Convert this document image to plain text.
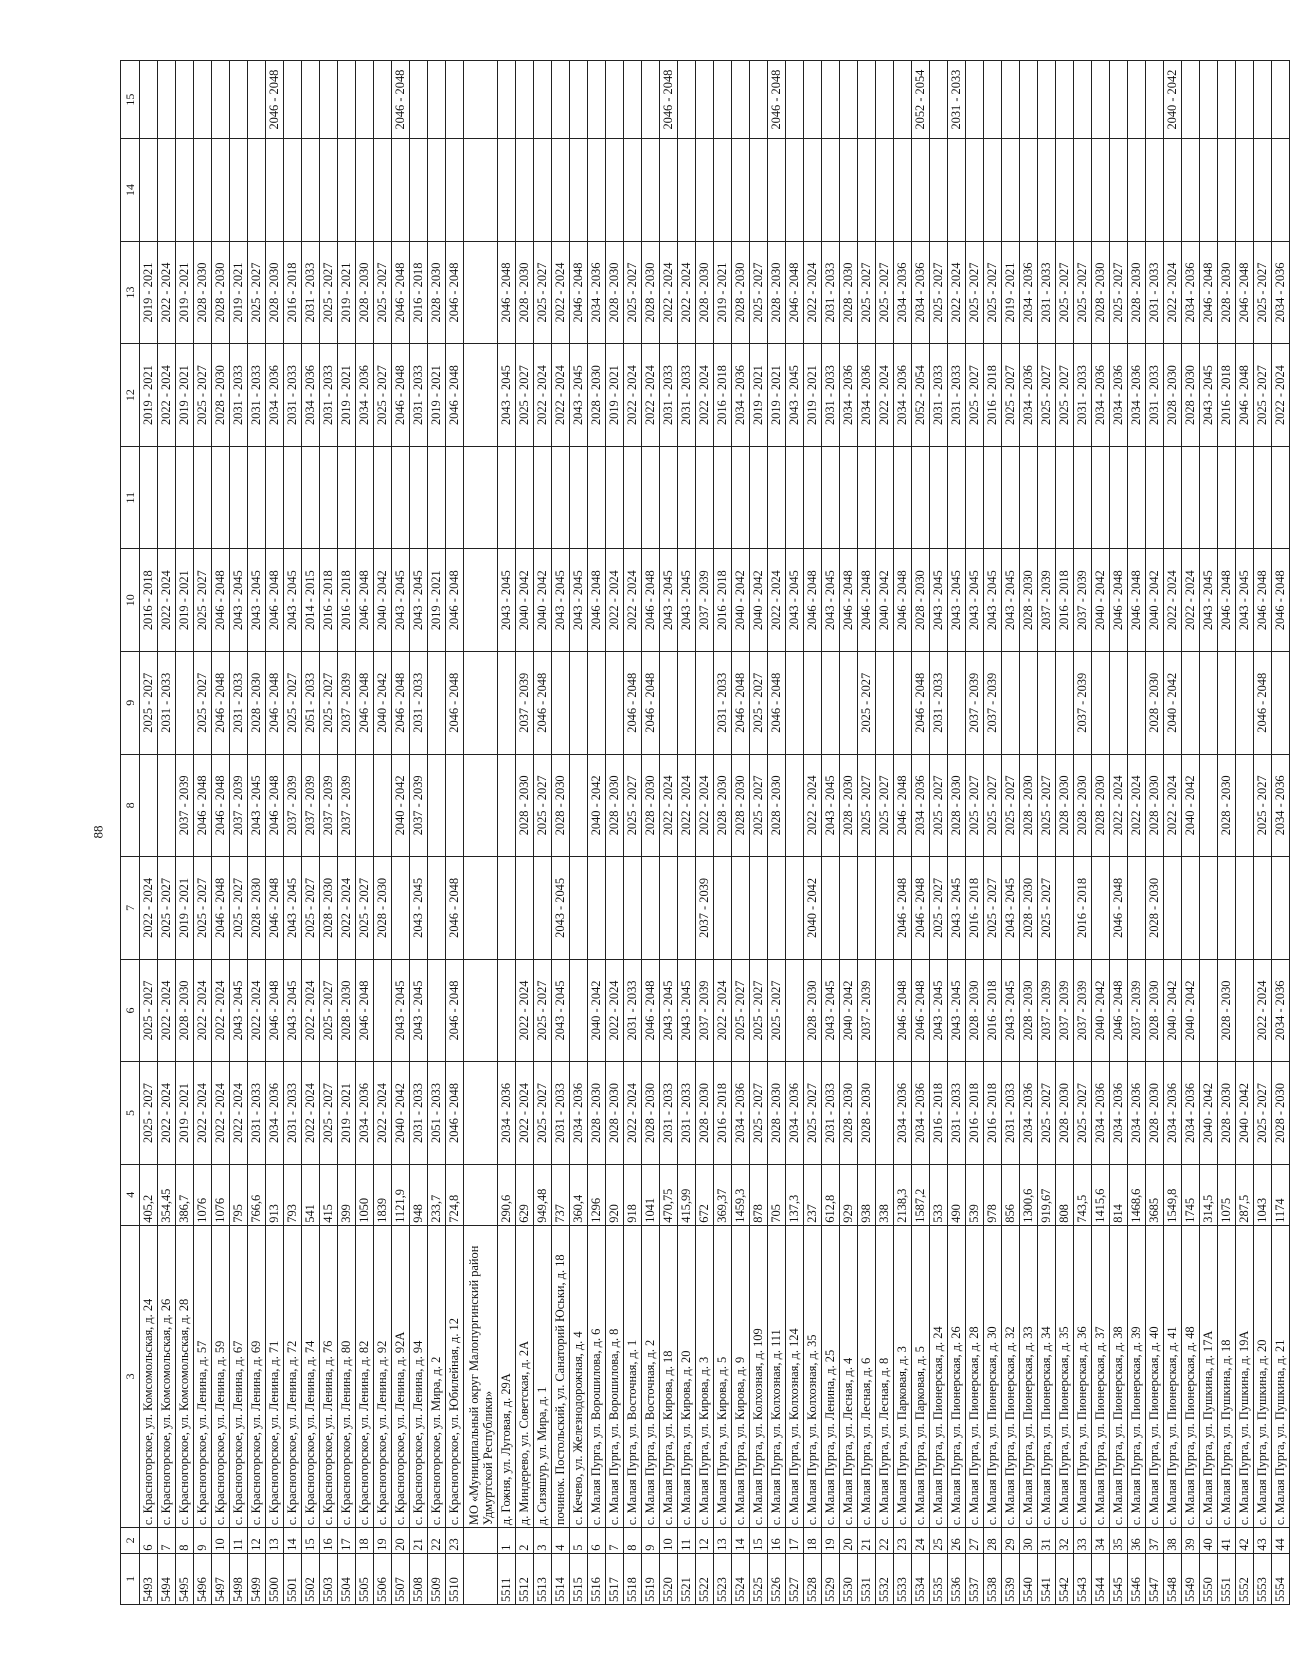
88
1	2	3	4	5	6	7	8	9	10	11	12	13	14	15
5493	6	с. Красногорское, ул. Комсомольская, д. 24	405,2	2025 - 2027	2025 - 2027	2022 - 2024		2025 - 2027	2016 - 2018		2019 - 2021	2019 - 2021		
5494	7	с. Красногорское, ул. Комсомольская, д. 26	354,45	2022 - 2024	2022 - 2024	2025 - 2027		2031 - 2033	2022 - 2024		2022 - 2024	2022 - 2024		
5495	8	с. Красногорское, ул. Комсомольская, д. 28	386,7	2019 - 2021	2028 - 2030	2019 - 2021	2037 - 2039		2019 - 2021		2019 - 2021	2019 - 2021		
5496	9	с. Красногорское, ул. Ленина, д. 57	1076	2022 - 2024	2022 - 2024	2025 - 2027	2046 - 2048	2025 - 2027	2025 - 2027		2025 - 2027	2028 - 2030		
5497	10	с. Красногорское, ул. Ленина, д. 59	1076	2022 - 2024	2022 - 2024	2046 - 2048	2046 - 2048	2046 - 2048	2046 - 2048		2028 - 2030	2028 - 2030		
5498	11	с. Красногорское, ул. Ленина, д. 67	795	2022 - 2024	2043 - 2045	2025 - 2027	2037 - 2039	2031 - 2033	2043 - 2045		2031 - 2033	2019 - 2021		
5499	12	с. Красногорское, ул. Ленина, д. 69	766,6	2031 - 2033	2022 - 2024	2028 - 2030	2043 - 2045	2028 - 2030	2043 - 2045		2031 - 2033	2025 - 2027		
5500	13	с. Красногорское, ул. Ленина, д. 71	913	2034 - 2036	2046 - 2048	2046 - 2048	2046 - 2048	2046 - 2048	2046 - 2048		2034 - 2036	2028 - 2030		2046 - 2048
5501	14	с. Красногорское, ул. Ленина, д. 72	793	2031 - 2033	2043 - 2045	2043 - 2045	2037 - 2039	2025 - 2027	2043 - 2045		2031 - 2033	2016 - 2018		
5502	15	с. Красногорское, ул. Ленина, д. 74	541	2022 - 2024	2022 - 2024	2025 - 2027	2037 - 2039	2051 - 2033	2014 - 2015		2034 - 2036	2031 - 2033		
5503	16	с. Красногорское, ул. Ленина, д. 76	415	2025 - 2027	2025 - 2027	2028 - 2030	2037 - 2039	2025 - 2027	2016 - 2018		2031 - 2033	2025 - 2027		
5504	17	с. Красногорское, ул. Ленина, д. 80	399	2019 - 2021	2028 - 2030	2022 - 2024	2037 - 2039	2037 - 2039	2016 - 2018		2019 - 2021	2019 - 2021		
5505	18	с. Красногорское, ул. Ленина, д. 82	1050	2034 - 2036	2046 - 2048	2025 - 2027		2046 - 2048	2046 - 2048		2034 - 2036	2028 - 2030		
5506	19	с. Красногорское, ул. Ленина, д. 92	1839	2022 - 2024		2028 - 2030		2040 - 2042	2040 - 2042		2025 - 2027	2025 - 2027		
5507	20	с. Красногорское, ул. Ленина, д. 92А	1121,9	2040 - 2042	2043 - 2045		2040 - 2042	2046 - 2048	2043 - 2045		2046 - 2048	2046 - 2048		2046 - 2048
5508	21	с. Красногорское, ул. Ленина, д. 94	948	2031 - 2033	2043 - 2045	2043 - 2045	2037 - 2039	2031 - 2033	2043 - 2045		2031 - 2033	2016 - 2018		
5509	22	с. Красногорское, ул. Мира, д. 2	233,7	2051 - 2033					2019 - 2021		2019 - 2021	2028 - 2030		
5510	23	с. Красногорское, ул. Юбилейная, д. 12	724,8	2046 - 2048	2046 - 2048	2046 - 2048		2046 - 2048	2046 - 2048		2046 - 2048	2046 - 2048		
		МО «Муниципальный округ Малопургинский район Удмуртской Республики»												
5511	1	д. Гожня, ул. Луговая, д. 29А	290,6	2034 - 2036					2043 - 2045		2043 - 2045	2046 - 2048		
5512	2	д. Миндерево, ул. Советская, д. 2А	629	2022 - 2024	2022 - 2024		2028 - 2030	2037 - 2039	2040 - 2042		2025 - 2027	2028 - 2030		
5513	3	д. Сизяшур, ул. Мира, д. 1	949,48	2025 - 2027	2025 - 2027		2025 - 2027	2046 - 2048	2040 - 2042		2022 - 2024	2025 - 2027		
5514	4	починок. Постольский, ул. Санаторий Юськи, д. 18	737	2031 - 2033	2043 - 2045	2043 - 2045	2028 - 2030		2043 - 2045		2022 - 2024	2022 - 2024		
5515	5	с. Кечево, ул. Железнодорожная, д. 4	360,4	2034 - 2036					2043 - 2045		2043 - 2045	2046 - 2048		
5516	6	с. Малая Пурга, ул. Ворошилова, д. 6	1296	2028 - 2030	2040 - 2042		2040 - 2042		2046 - 2048		2028 - 2030	2034 - 2036		
5517	7	с. Малая Пурга, ул. Ворошилова, д. 8	920	2028 - 2030	2022 - 2024		2028 - 2030		2022 - 2024		2019 - 2021	2028 - 2030		
5518	8	с. Малая Пурга, ул. Восточная, д. 1	918	2022 - 2024	2031 - 2033		2025 - 2027	2046 - 2048	2022 - 2024		2022 - 2024	2025 - 2027		
5519	9	с. Малая Пурга, ул. Восточная, д. 2	1041	2028 - 2030	2046 - 2048		2028 - 2030	2046 - 2048	2046 - 2048		2022 - 2024	2028 - 2030		
5520	10	с. Малая Пурга, ул. Кирова, д. 18	470,75	2031 - 2033	2043 - 2045		2022 - 2024		2043 - 2045		2031 - 2033	2022 - 2024		2046 - 2048
5521	11	с. Малая Пурга, ул. Кирова, д. 20	415,99	2031 - 2033	2043 - 2045		2022 - 2024		2043 - 2045		2031 - 2033	2022 - 2024		
5522	12	с. Малая Пурга, ул. Кирова, д. 3	672	2028 - 2030	2037 - 2039	2037 - 2039	2022 - 2024		2037 - 2039		2022 - 2024	2028 - 2030		
5523	13	с. Малая Пурга, ул. Кирова, д. 5	369,37	2016 - 2018	2022 - 2024		2028 - 2030	2031 - 2033	2016 - 2018		2016 - 2018	2019 - 2021		
5524	14	с. Малая Пурга, ул. Кирова, д. 9	1459,3	2034 - 2036	2025 - 2027		2028 - 2030	2046 - 2048	2040 - 2042		2034 - 2036	2028 - 2030		
5525	15	с. Малая Пурга, ул. Колхозная, д. 109	878	2025 - 2027	2025 - 2027		2025 - 2027	2025 - 2027	2040 - 2042		2019 - 2021	2025 - 2027		
5526	16	с. Малая Пурга, ул. Колхозная, д. 111	705	2028 - 2030	2025 - 2027		2028 - 2030	2046 - 2048	2022 - 2024		2019 - 2021	2028 - 2030		2046 - 2048
5527	17	с. Малая Пурга, ул. Колхозная, д. 124	137,3	2034 - 2036					2043 - 2045		2043 - 2045	2046 - 2048		
5528	18	с. Малая Пурга, ул. Колхозная, д. 35	237	2025 - 2027	2028 - 2030	2040 - 2042	2022 - 2024		2046 - 2048		2019 - 2021	2022 - 2024		
5529	19	с. Малая Пурга, ул. Ленина, д. 25	612,8	2031 - 2033	2043 - 2045		2043 - 2045		2043 - 2045		2031 - 2033	2031 - 2033		
5530	20	с. Малая Пурга, ул. Лесная, д. 4	929	2028 - 2030	2040 - 2042		2028 - 2030		2046 - 2048		2034 - 2036	2028 - 2030		
5531	21	с. Малая Пурга, ул. Лесная, д. 6	938	2028 - 2030	2037 - 2039		2025 - 2027	2025 - 2027	2046 - 2048		2034 - 2036	2025 - 2027		
5532	22	с. Малая Пурга, ул. Лесная, д. 8	338				2025 - 2027		2040 - 2042		2022 - 2024	2025 - 2027		
5533	23	с. Малая Пурга, ул. Парковая, д. 3	2138,3	2034 - 2036	2046 - 2048	2046 - 2048	2046 - 2048		2046 - 2048		2034 - 2036	2034 - 2036		
5534	24	с. Малая Пурга, ул. Парковая, д. 5	1587,2	2034 - 2036	2046 - 2048	2046 - 2048	2034 - 2036	2046 - 2048	2028 - 2030		2052 - 2054	2034 - 2036		2052 - 2054
5535	25	с. Малая Пурга, ул. Пионерская, д. 24	533	2016 - 2018	2043 - 2045	2025 - 2027	2025 - 2027	2031 - 2033	2043 - 2045		2031 - 2033	2025 - 2027		
5536	26	с. Малая Пурга, ул. Пионерская, д. 26	490	2031 - 2033	2043 - 2045	2043 - 2045	2028 - 2030		2043 - 2045		2031 - 2033	2022 - 2024		2031 - 2033
5537	27	с. Малая Пурга, ул. Пионерская, д. 28	539	2016 - 2018	2028 - 2030	2016 - 2018	2025 - 2027	2037 - 2039	2043 - 2045		2025 - 2027	2025 - 2027		
5538	28	с. Малая Пурга, ул. Пионерская, д. 30	978	2016 - 2018	2016 - 2018	2025 - 2027	2025 - 2027	2037 - 2039	2043 - 2045		2016 - 2018	2025 - 2027		
5539	29	с. Малая Пурга, ул. Пионерская, д. 32	856	2031 - 2033	2043 - 2045	2043 - 2045	2025 - 2027		2043 - 2045		2025 - 2027	2019 - 2021		
5540	30	с. Малая Пурга, ул. Пионерская, д. 33	1300,6	2034 - 2036	2028 - 2030	2028 - 2030	2028 - 2030		2028 - 2030		2034 - 2036	2034 - 2036		
5541	31	с. Малая Пурга, ул. Пионерская, д. 34	919,67	2025 - 2027	2037 - 2039	2025 - 2027	2025 - 2027		2037 - 2039		2025 - 2027	2031 - 2033		
5542	32	с. Малая Пурга, ул. Пионерская, д. 35	808	2028 - 2030	2037 - 2039		2028 - 2030		2016 - 2018		2025 - 2027	2025 - 2027		
5543	33	с. Малая Пурга, ул. Пионерская, д. 36	743,5	2025 - 2027	2037 - 2039	2016 - 2018	2028 - 2030	2037 - 2039	2037 - 2039		2031 - 2033	2025 - 2027		
5544	34	с. Малая Пурга, ул. Пионерская, д. 37	1415,6	2034 - 2036	2040 - 2042		2028 - 2030		2040 - 2042		2034 - 2036	2028 - 2030		
5545	35	с. Малая Пурга, ул. Пионерская, д. 38	814	2034 - 2036	2046 - 2048	2046 - 2048	2022 - 2024		2046 - 2048		2034 - 2036	2025 - 2027		
5546	36	с. Малая Пурга, ул. Пионерская, д. 39	1468,6	2034 - 2036	2037 - 2039		2022 - 2024		2046 - 2048		2034 - 2036	2028 - 2030		
5547	37	с. Малая Пурга, ул. Пионерская, д. 40	3685	2028 - 2030	2028 - 2030	2028 - 2030	2028 - 2030	2028 - 2030	2040 - 2042		2031 - 2033	2031 - 2033		
5548	38	с. Малая Пурга, ул. Пионерская, д. 41	1549,8	2034 - 2036	2040 - 2042		2022 - 2024	2040 - 2042	2022 - 2024		2028 - 2030	2022 - 2024		2040 - 2042
5549	39	с. Малая Пурга, ул. Пионерская, д. 48	1745	2034 - 2036	2040 - 2042		2040 - 2042		2022 - 2024		2028 - 2030	2034 - 2036		
5550	40	с. Малая Пурга, ул. Пушкина, д. 17А	314,5	2040 - 2042					2043 - 2045		2043 - 2045	2046 - 2048		
5551	41	с. Малая Пурга, ул. Пушкина, д. 18	1075	2028 - 2030	2028 - 2030		2028 - 2030		2046 - 2048		2016 - 2018	2028 - 2030		
5552	42	с. Малая Пурга, ул. Пушкина, д. 19А	287,5	2040 - 2042					2043 - 2045		2046 - 2048	2046 - 2048		
5553	43	с. Малая Пурга, ул. Пушкина, д. 20	1043	2025 - 2027	2022 - 2024		2025 - 2027	2046 - 2048	2046 - 2048		2025 - 2027	2025 - 2027		
5554	44	с. Малая Пурга, ул. Пушкина, д. 21	1174	2028 - 2030	2034 - 2036		2034 - 2036		2046 - 2048		2022 - 2024	2034 - 2036		
